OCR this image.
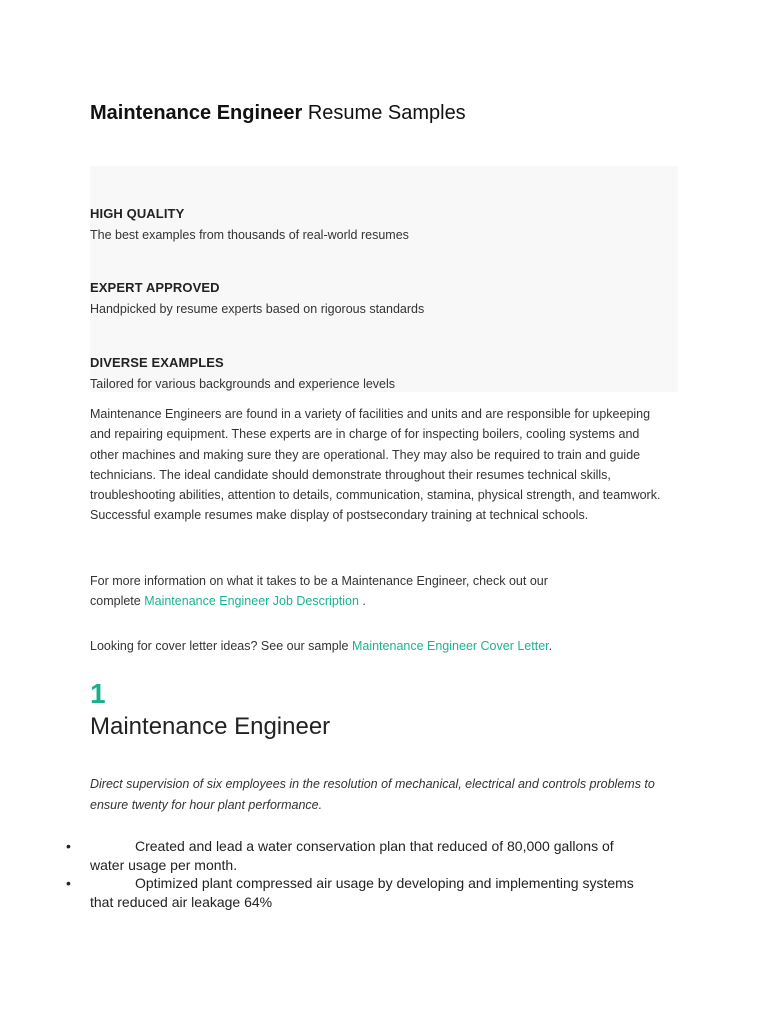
Maintenance Engineer Resume Samples
HIGH QUALITY
The best examples from thousands of real-world resumes
EXPERT APPROVED
Handpicked by resume experts based on rigorous standards
DIVERSE EXAMPLES
Tailored for various backgrounds and experience levels
Maintenance Engineers are found in a variety of facilities and units and are responsible for upkeeping and repairing equipment. These experts are in charge of for inspecting boilers, cooling systems and other machines and making sure they are operational. They may also be required to train and guide technicians. The ideal candidate should demonstrate throughout their resumes technical skills, troubleshooting abilities, attention to details, communication, stamina, physical strength, and teamwork. Successful example resumes make display of postsecondary training at technical schools.
For more information on what it takes to be a Maintenance Engineer, check out our
complete Maintenance Engineer Job Description .
Looking for cover letter ideas? See our sample Maintenance Engineer Cover Letter.
1
Maintenance Engineer
Direct supervision of six employees in the resolution of mechanical, electrical and controls problems to ensure twenty for hour plant performance.
•	Created and lead a water conservation plan that reduced of 80,000 gallons of
water usage per month.
•	Optimized plant compressed air usage by developing and implementing systems
that reduced air leakage 64%
